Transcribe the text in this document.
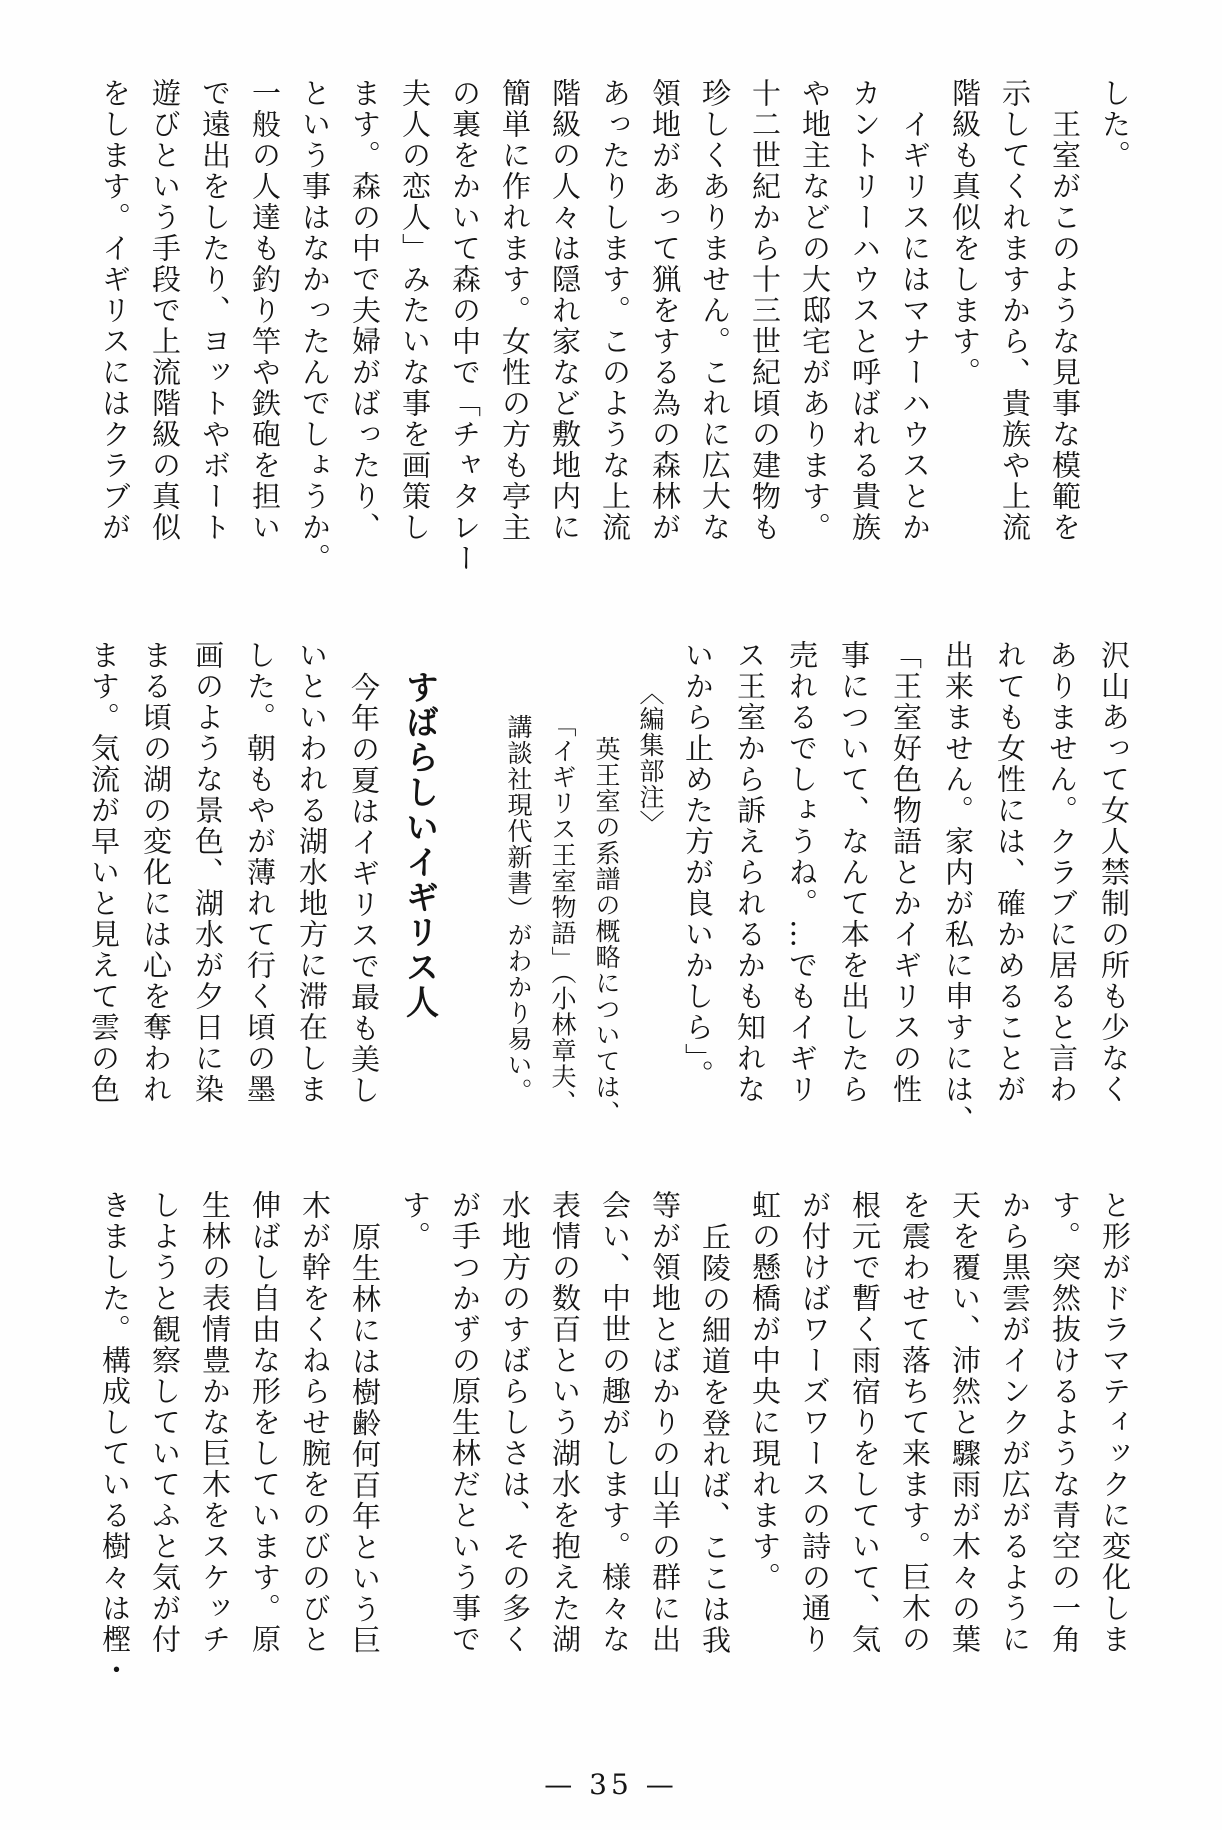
した。
王室がこのような見事な模範を
示してくれますから、貴族や上流
階級も真似をします。
イギリスにはマナーハウスとか
カントリーハウスと呼ばれる貴族
や地主などの大邸宅があります。
十二世紀から十三世紀頃の建物も
珍しくありません。これに広大な
領地があって猟をする為の森林が
あったりします。このような上流
階級の人々は隠れ家など敷地内に
簡単に作れます。女性の方も亭主
の裏をかいて森の中で「チャタレー
夫人の恋人」みたいな事を画策し
ます。森の中で夫婦がばったり、
という事はなかったんでしょうか。
一般の人達も釣り竿や鉄砲を担い
で遠出をしたり、ヨットやボート
遊びという手段で上流階級の真似
をします。イギリスにはクラブが
沢山あって女人禁制の所も少なく
ありません。クラブに居ると言わ
れても女性には、確かめることが
出来ません。家内が私に申すには、
「王室好色物語とかイギリスの性
事について、なんて本を出したら
売れるでしょうね。…でもイギリ
ス王室から訴えられるかも知れな
いから止めた方が良いかしら」。
〈編集部注〉
英王室の系譜の概略については、
「イギリス王室物語」（小林章夫、
講談社現代新書）がわかり易い。
すばらしいイギリス人
今年の夏はイギリスで最も美し
いといわれる湖水地方に滞在しま
した。朝もやが薄れて行く頃の墨
画のような景色、湖水が夕日に染
まる頃の湖の変化には心を奪われ
ます。気流が早いと見えて雲の色
と形がドラマティックに変化しま
す。突然抜けるような青空の一角
から黒雲がインクが広がるように
天を覆い、沛然と驟雨が木々の葉
を震わせて落ちて来ます。巨木の
根元で暫く雨宿りをしていて、気
が付けばワーズワースの詩の通り
虹の懸橋が中央に現れます。
丘陵の細道を登れば、ここは我
等が領地とばかりの山羊の群に出
会い、中世の趣がします。様々な
表情の数百という湖水を抱えた湖
水地方のすばらしさは、その多く
が手つかずの原生林だという事で
す。
原生林には樹齢何百年という巨
木が幹をくねらせ腕をのびのびと
伸ばし自由な形をしています。原
生林の表情豊かな巨木をスケッチ
しようと観察していてふと気が付
きました。構成している樹々は樫・
— 35 —
